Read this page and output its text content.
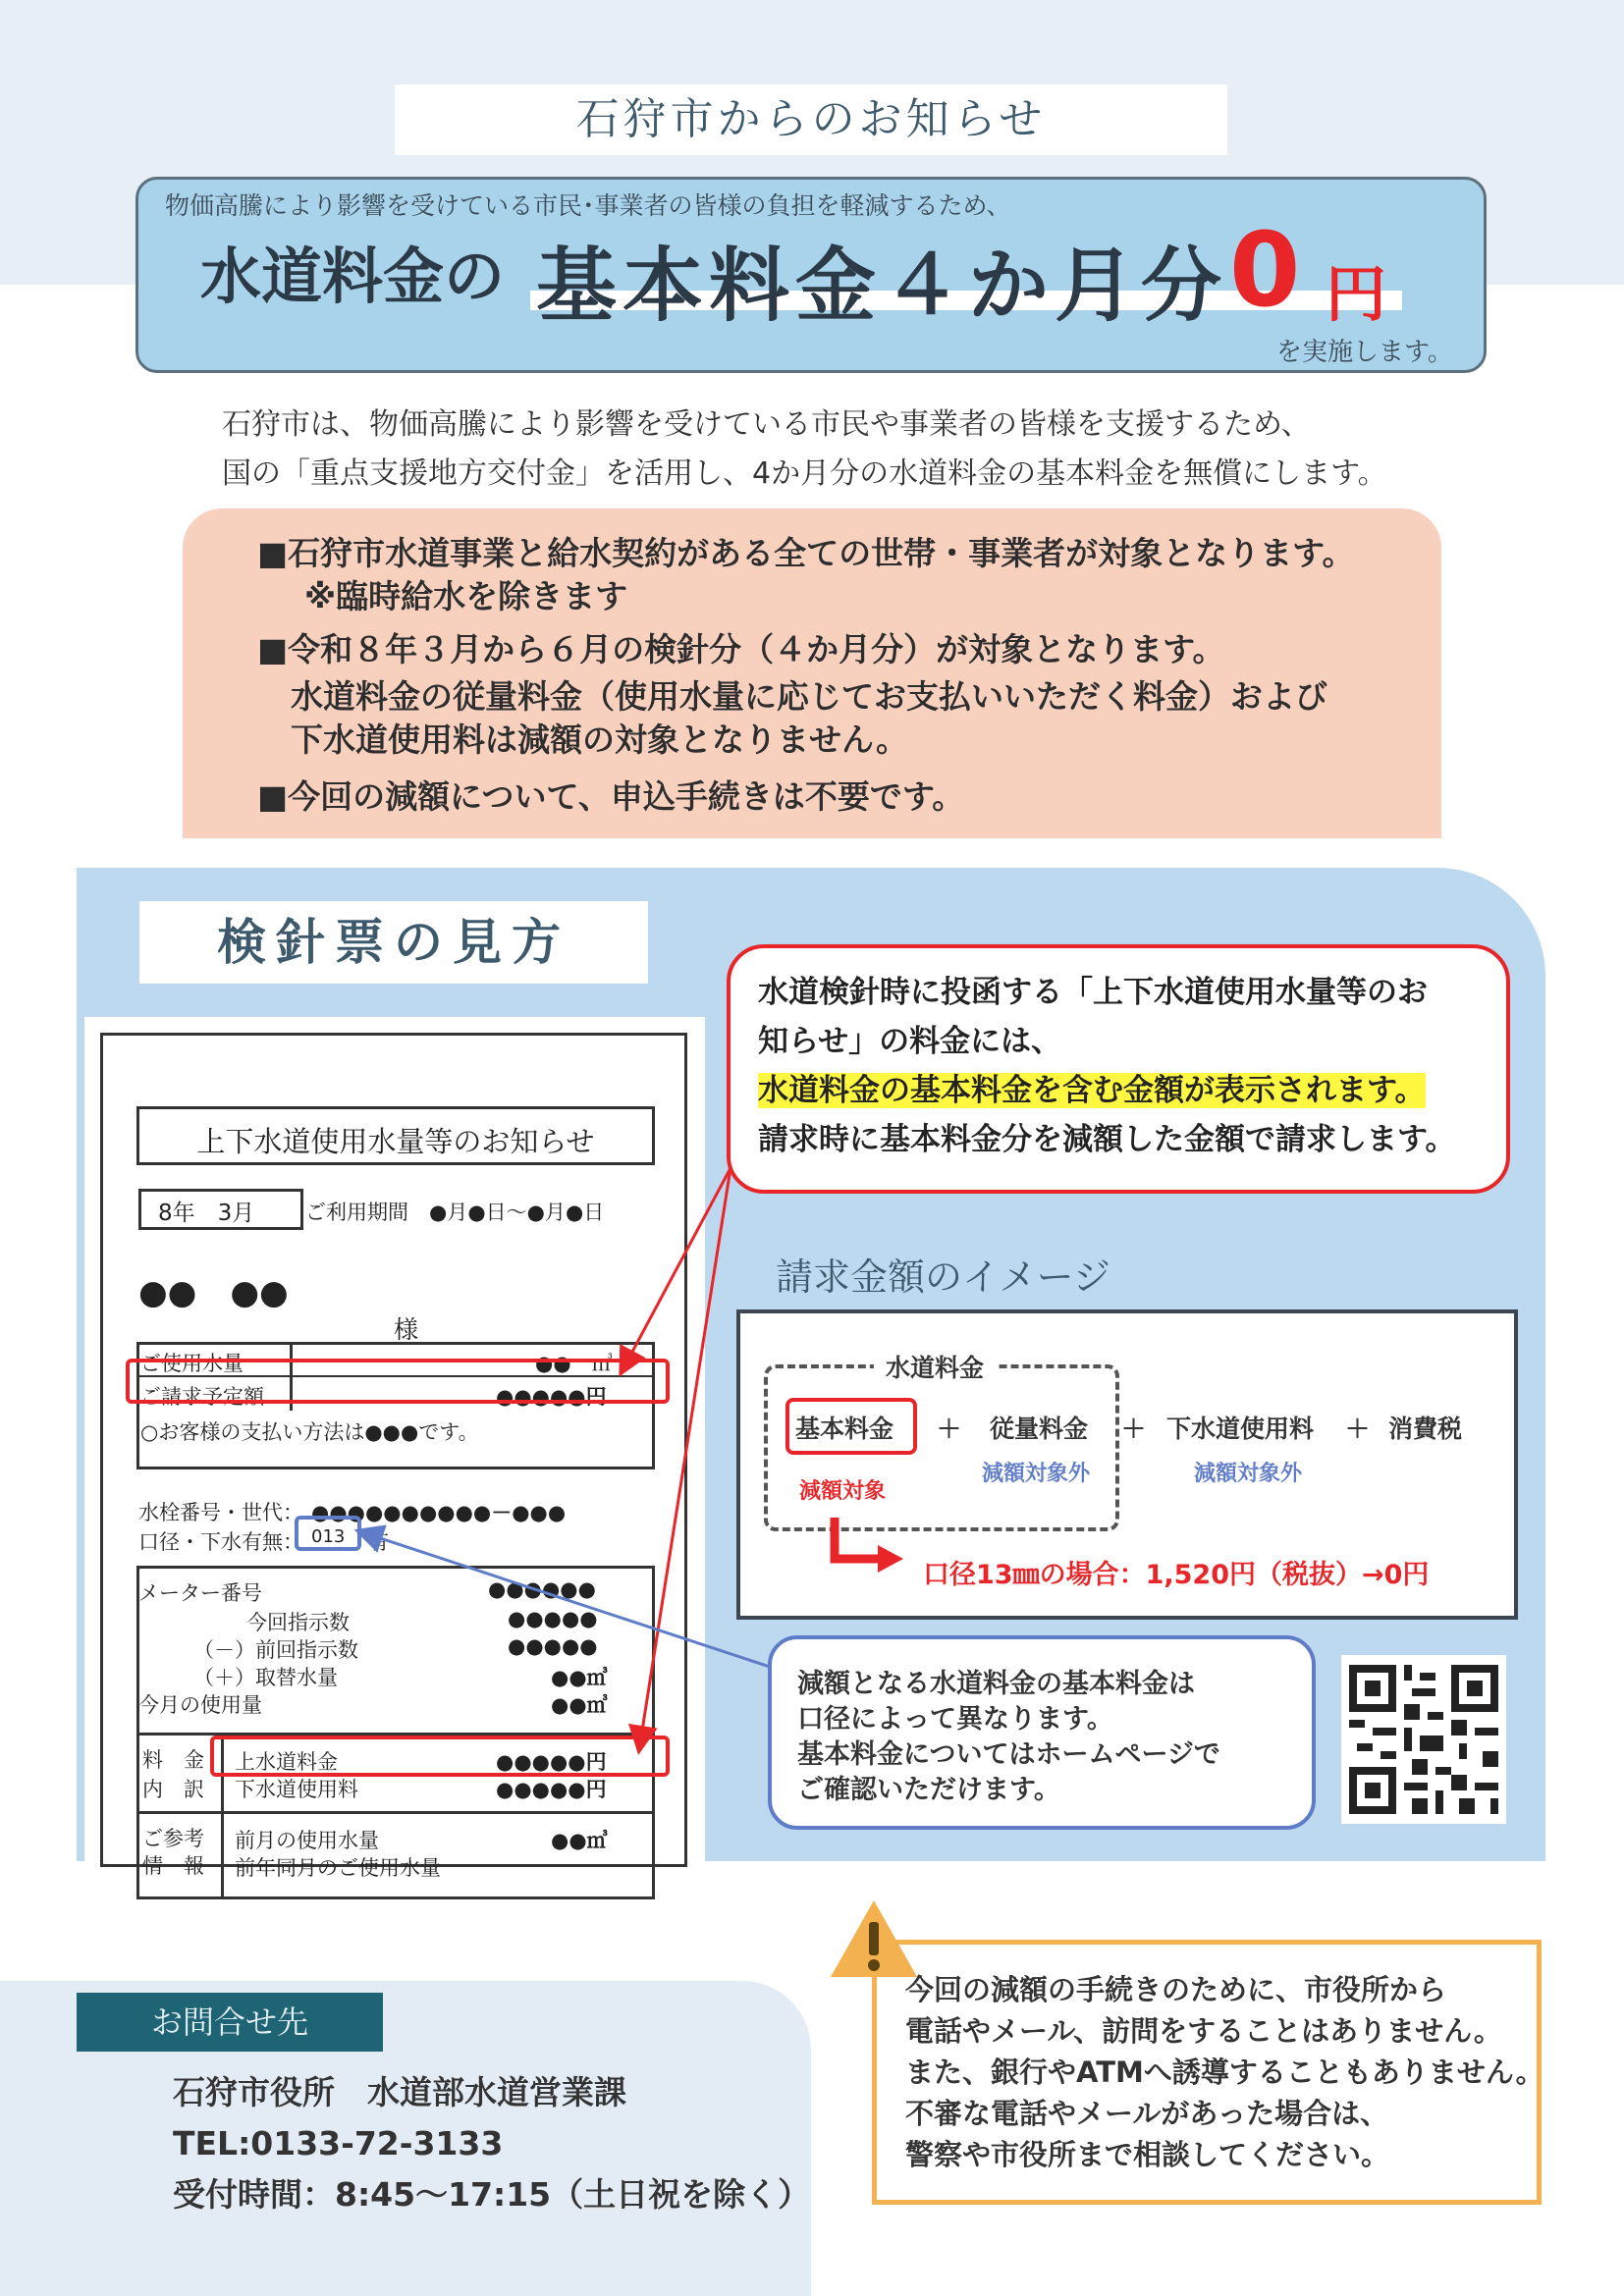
石狩市からのお知らせ
物価高騰により影響を受けている市民･事業者の皆様の負担を軽減するため、
水道料金の 基本料金４か月分 0 円
を実施します。
石狩市は、物価高騰により影響を受けている市民や事業者の皆様を支援するため、
国の「重点支援地方交付金」を活用し、4か月分の水道料金の基本料金を無償にします。
■石狩市水道事業と給水契約がある全ての世帯・事業者が対象となります。
※臨時給水を除きます
■令和８年３月から６月の検針分（４か月分）が対象となります。
水道料金の従量料金（使用水量に応じてお支払いいただく料金）および
下水道使用料は減額の対象となりません。
■今回の減額について、申込手続きは不要です。
検針票の見方
上下水道使用水量等のお知らせ
8年　3月 ご利用期間　●月●日～●月●日
●●　●●
様
ご使用水量	●●　㎥
ご請求予定額	●●●●●円
○お客様の支払い方法は●●●です。
水栓番号・世代： ●●●●●●●●●●－●●●
口径・下水有無： 013 有
メーター番号	●●●●●●
今回指示数	●●●●●
（－）前回指示数	●●●●●
（＋）取替水量	●●㎥
今月の使用量	●●㎥
料　金
内　訳
上水道料金	●●●●●円
下水道使用料	●●●●●円
ご参考
情　報
前月の使用水量	●●㎥
前年同月のご使用水量
水道検針時に投函する「上下水道使用水量等のお
知らせ」の料金には、
水道料金の基本料金を含む金額が表示されます。
請求時に基本料金分を減額した金額で請求します。
請求金額のイメージ
水道料金
基本料金 ＋ 従量料金 ＋ 下水道使用料 ＋ 消費税
減額対象
減額対象外	減額対象外
口径13㎜の場合：1,520円（税抜）→0円
減額となる水道料金の基本料金は
口径によって異なります。
基本料金についてはホームページで
ご確認いただけます。
お問合せ先
石狩市役所　水道部水道営業課
TEL:0133-72-3133
受付時間：8:45～17:15（土日祝を除く）
今回の減額の手続きのために、市役所から
電話やメール、訪問をすることはありません。
また、銀行やATMへ誘導することもありません。
不審な電話やメールがあった場合は、
警察や市役所まで相談してください。
